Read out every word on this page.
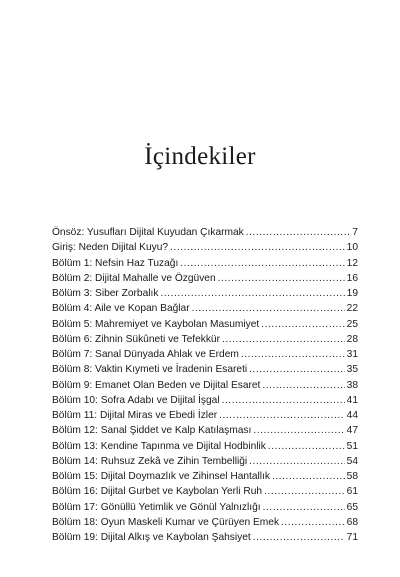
İçindekiler
Önsöz: Yusufları Dijital Kuyudan Çıkarmak .....	7
Giriş: Neden Dijital Kuyu? .....	10
Bölüm 1: Nefsin Haz Tuzağı .....	12
Bölüm 2: Dijital Mahalle ve Özgüven .....	16
Bölüm 3: Siber Zorbalık .....	19
Bölüm 4: Aile ve Kopan Bağlar .....	22
Bölüm 5: Mahremiyet ve Kaybolan Masumiyet .....	25
Bölüm 6: Zihnin Sükûneti ve Tefekkür .....	28
Bölüm 7: Sanal Dünyada Ahlak ve Erdem .....	31
Bölüm 8: Vaktin Kıymeti ve İradenin Esareti .....	35
Bölüm 9: Emanet Olan Beden ve Dijital Esaret .....	38
Bölüm 10: Sofra Adabı ve Dijital İşgal .....	41
Bölüm 11: Dijital Miras ve Ebedi İzler .....	44
Bölüm 12: Sanal Şiddet ve Kalp Katılaşması .....	47
Bölüm 13: Kendine Tapınma ve Dijital Hodbinlik .....	51
Bölüm 14: Ruhsuz Zekâ ve Zihin Tembelliği .....	54
Bölüm 15: Dijital Doymazlık ve Zihinsel Hantallık .....	58
Bölüm 16: Dijital Gurbet ve Kaybolan Yerli Ruh .....	61
Bölüm 17: Gönüllü Yetimlik ve Gönül Yalnızlığı .....	65
Bölüm 18: Oyun Maskeli Kumar ve Çürüyen Emek .....	68
Bölüm 19: Dijital Alkış ve Kaybolan Şahsiyet .....	71
